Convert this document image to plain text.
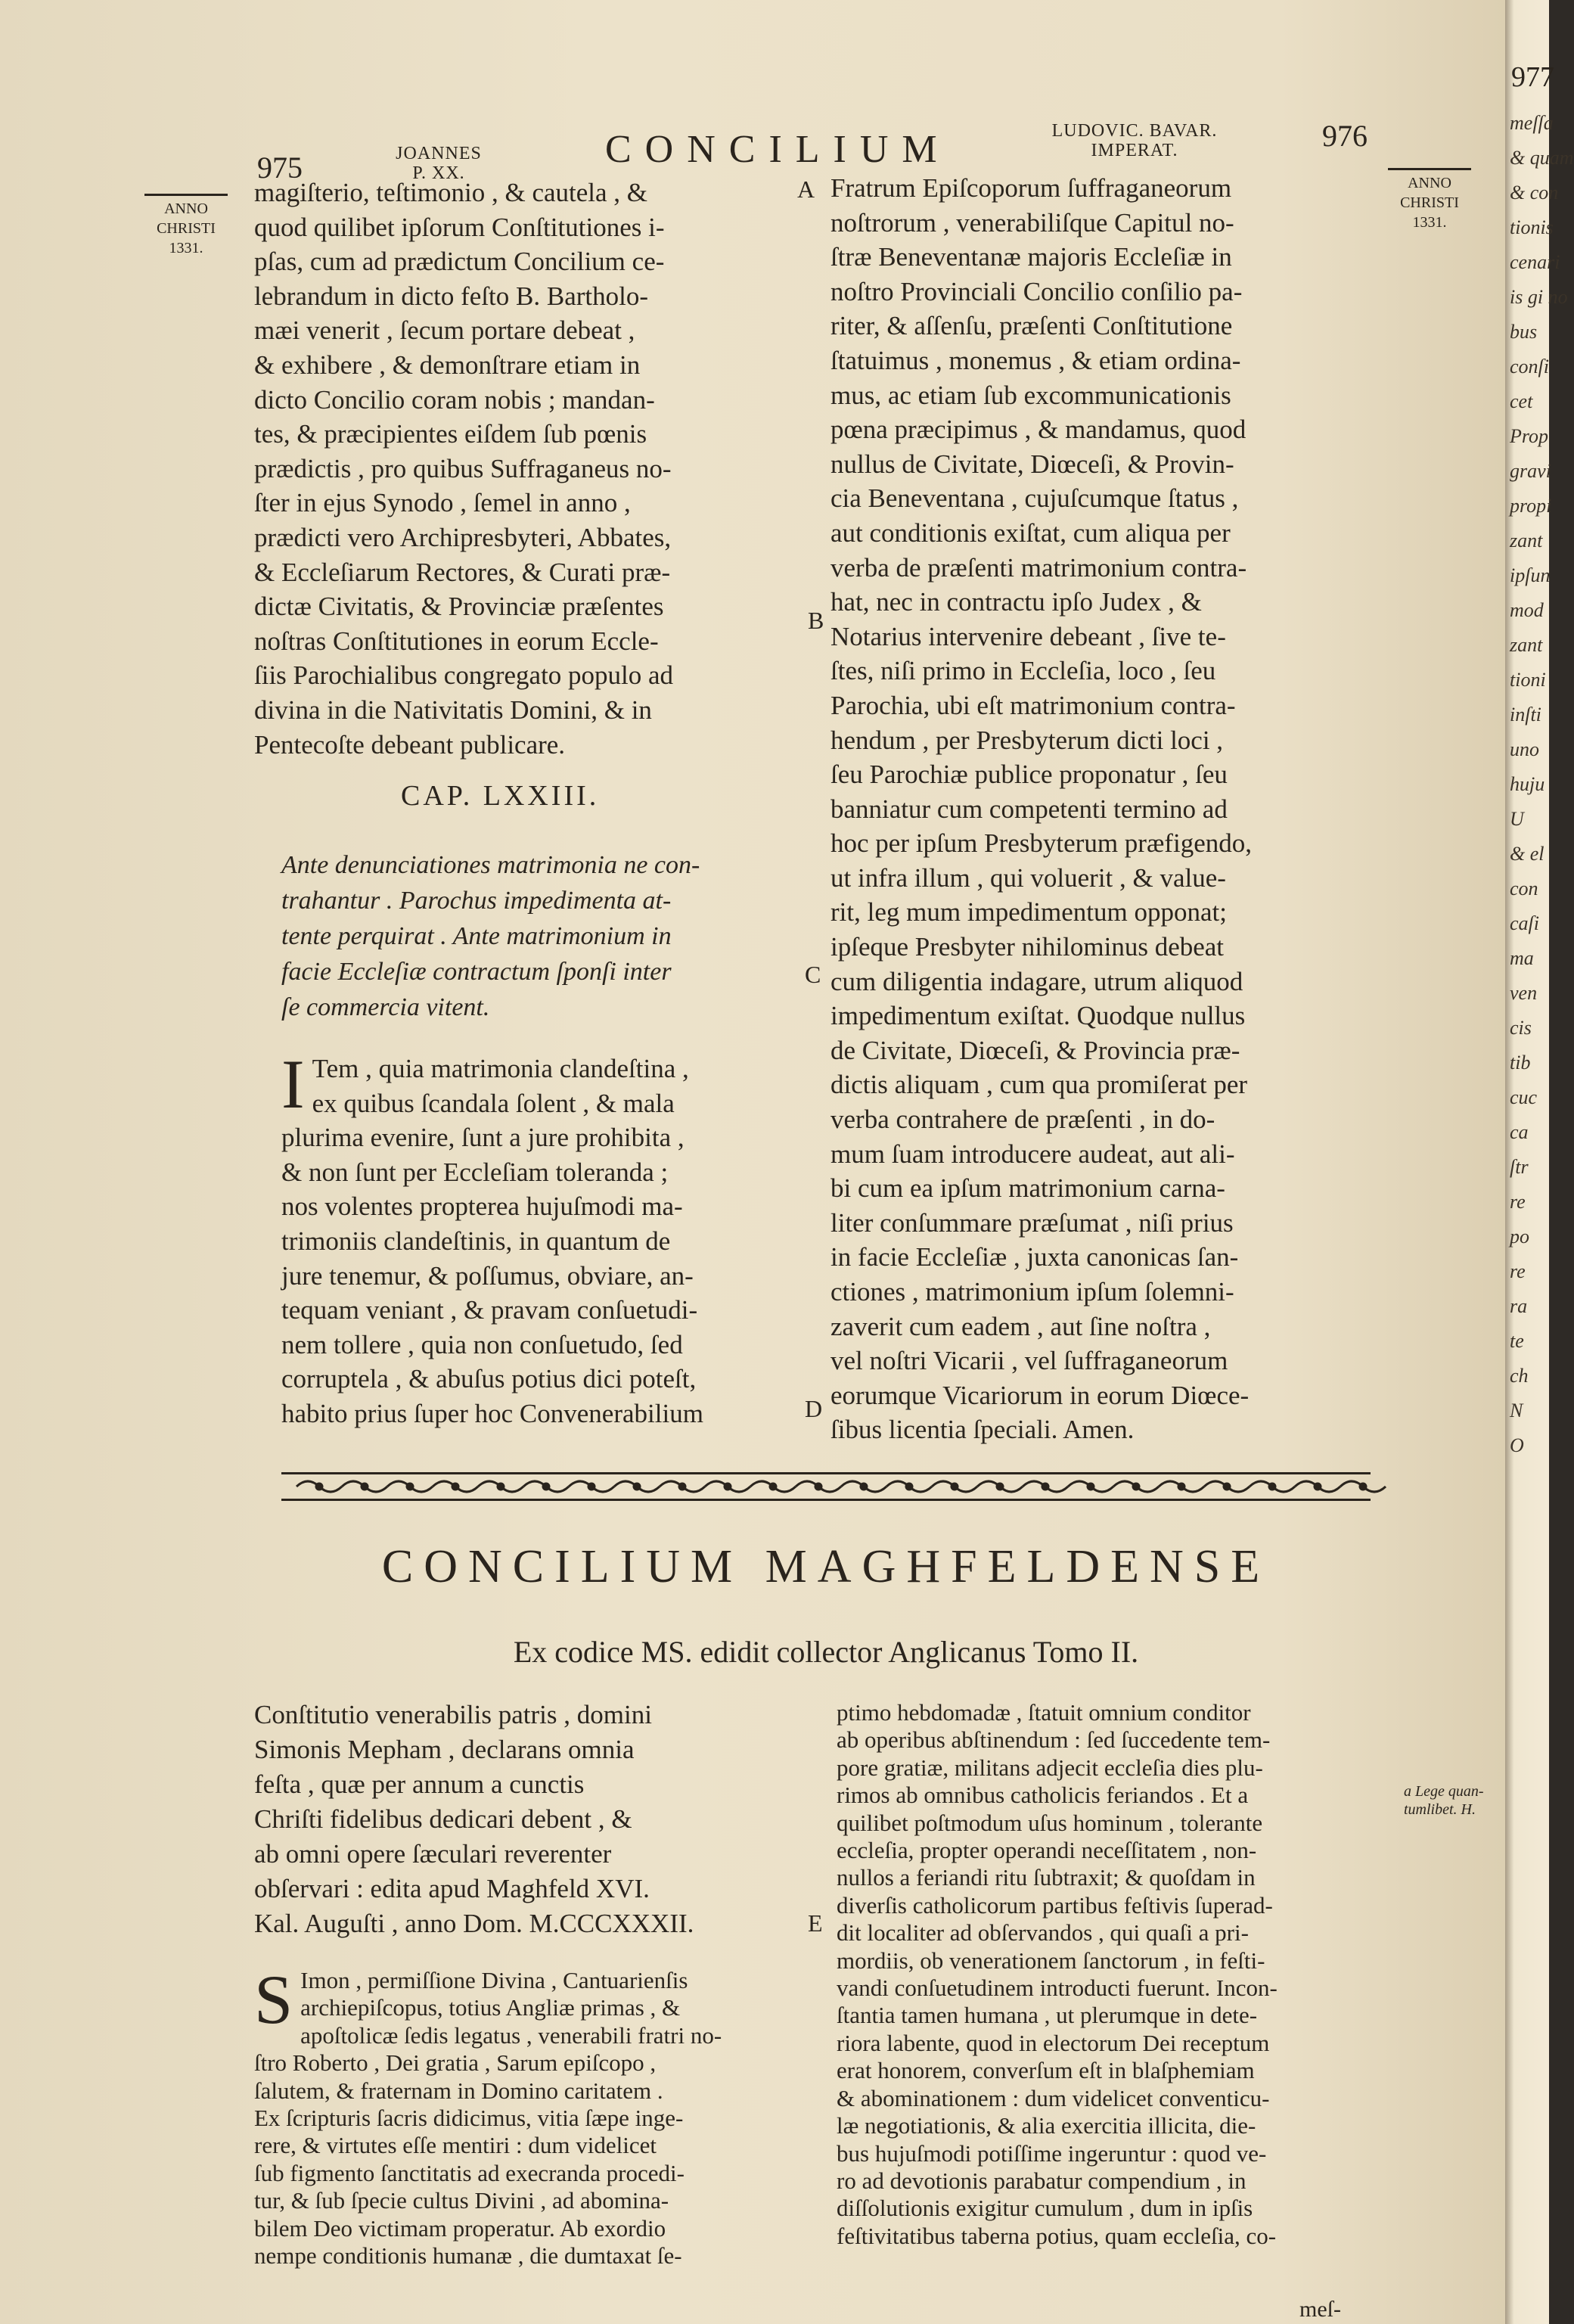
975	JOANNES
P. XX.
CONCILIUM	LUDOVIC. BAVAR.
IMPERAT.	976
ANNO
CHRISTI
1331.
ANNO
CHRISTI
1331.
A
B
C
D
E
magiſterio, teſtimonio , & cautela , &
quod quilibet ipſorum Conſtitutiones i-
pſas, cum ad prædictum Concilium ce-
lebrandum in dicto feſto B. Bartholo-
mæi venerit , ſecum portare debeat ,
& exhibere , & demonſtrare etiam in
dicto Concilio coram nobis ; mandan-
tes, & præcipientes eiſdem ſub pœnis
prædictis , pro quibus Suffraganeus no-
ſter in ejus Synodo , ſemel in anno ,
prædicti vero Archipresbyteri, Abbates,
& Eccleſiarum Rectores, & Curati præ-
dictæ Civitatis, & Provinciæ præſentes
noſtras Conſtitutiones in eorum Eccle-
ſiis Parochialibus congregato populo ad
divina in die Nativitatis Domini, & in
Pentecoſte debeant publicare.
CAP. LXXIII.
Ante denunciationes matrimonia ne con-
trahantur . Parochus impedimenta at-
tente perquirat . Ante matrimonium in
facie Eccleſiæ contractum ſponſi inter
ſe commercia vitent.
I Tem , quia matrimonia clandeſtina ,
ex quibus ſcandala ſolent , & mala
plurima evenire, ſunt a jure prohibita ,
& non ſunt per Eccleſiam toleranda ;
nos volentes propterea hujuſmodi ma-
trimoniis clandeſtinis, in quantum de
jure tenemur, & poſſumus, obviare, an-
tequam veniant , & pravam conſuetudi-
nem tollere , quia non conſuetudo, ſed
corruptela , & abuſus potius dici poteſt,
habito prius ſuper hoc Convenerabilium
Fratrum Epiſcoporum ſuffraganeorum
noſtrorum , venerabiliſque Capitul no-
ſtræ Beneventanæ majoris Eccleſiæ in
noſtro Provinciali Concilio conſilio pa-
riter, & aſſenſu, præſenti Conſtitutione
ſtatuimus , monemus , & etiam ordina-
mus, ac etiam ſub excommunicationis
pœna præcipimus , & mandamus, quod
nullus de Civitate, Diœceſi, & Provin-
cia Beneventana , cujuſcumque ſtatus ,
aut conditionis exiſtat, cum aliqua per
verba de præſenti matrimonium contra-
hat, nec in contractu ipſo Judex , &
Notarius intervenire debeant , ſive te-
ſtes, niſi primo in Eccleſia, loco , ſeu
Parochia, ubi eſt matrimonium contra-
hendum , per Presbyterum dicti loci ,
ſeu Parochiæ publice proponatur , ſeu
banniatur cum competenti termino ad
hoc per ipſum Presbyterum præfigendo,
ut infra illum , qui voluerit , & value-
rit, leg mum impedimentum opponat;
ipſeque Presbyter nihilominus debeat
cum diligentia indagare, utrum aliquod
impedimentum exiſtat. Quodque nullus
de Civitate, Diœceſi, & Provincia præ-
dictis aliquam , cum qua promiſerat per
verba contrahere de præſenti , in do-
mum ſuam introducere audeat, aut ali-
bi cum ea ipſum matrimonium carna-
liter conſummare præſumat , niſi prius
in facie Eccleſiæ , juxta canonicas ſan-
ctiones , matrimonium ipſum ſolemni-
zaverit cum eadem , aut ſine noſtra ,
vel noſtri Vicarii , vel ſuffraganeorum
eorumque Vicariorum in eorum Diœce-
ſibus licentia ſpeciali. Amen.
CONCILIUM MAGHFELDENSE
Ex codice MS. edidit collector Anglicanus Tomo II.
Conſtitutio venerabilis patris , domini
Simonis Mepham , declarans omnia
feſta , quæ per annum a cunctis
Chriſti fidelibus dedicari debent , &
ab omni opere ſæculari reverenter
obſervari : edita apud Maghfeld XVI.
Kal. Auguſti , anno Dom. M.CCCXXXII.
S Imon , permiſſione Divina , Cantuarienſis
archiepiſcopus, totius Angliæ primas , &
apoſtolicæ ſedis legatus , venerabili fratri no-
ſtro Roberto , Dei gratia , Sarum epiſcopo ,
ſalutem, & fraternam in Domino caritatem .
Ex ſcripturis ſacris didicimus, vitia ſæpe inge-
rere, & virtutes eſſe mentiri : dum videlicet
ſub figmento ſanctitatis ad execranda procedi-
tur, & ſub ſpecie cultus Divini , ad abomina-
bilem Deo victimam properatur. Ab exordio
nempe conditionis humanæ , die dumtaxat ſe-
ptimo hebdomadæ , ſtatuit omnium conditor
ab operibus abſtinendum : ſed ſuccedente tem-
pore gratiæ, militans adjecit eccleſia dies plu-
rimos ab omnibus catholicis feriandos . Et a
quilibet poſtmodum uſus hominum , tolerante
eccleſia, propter operandi neceſſitatem , non-
nullos a feriandi ritu ſubtraxit; & quoſdam in
diverſis catholicorum partibus feſtivis ſuperad-
dit localiter ad obſervandos , qui quaſi a pri-
mordiis, ob venerationem ſanctorum , in feſti-
vandi conſuetudinem introducti fuerunt. Incon-
ſtantia tamen humana , ut plerumque in dete-
riora labente, quod in electorum Dei receptum
erat honorem, converſum eſt in blaſphemiam
& abominationem : dum videlicet conventicu-
læ negotiationis, & alia exercitia illicita, die-
bus hujuſmodi potiſſime ingeruntur : quod ve-
ro ad devotionis parabatur compendium , in
diſſolutionis exigitur cumulum , dum in ipſis
feſtivitatibus taberna potius, quam eccleſia, co-
a Lege quan-
tumlibet. H.
meſ-
977
meſſa
& quam
& con
tionis
cenari
is gi no
bus
conſi
cet
Prop
gravi
propi
zant
ipſun
mod
zant
tioni
inſti
uno
huju
U
& el
con
caſi
ma
ven
cis
tib
cuc
ca
ſtr
re
po
re
ra
te
ch
N
O
